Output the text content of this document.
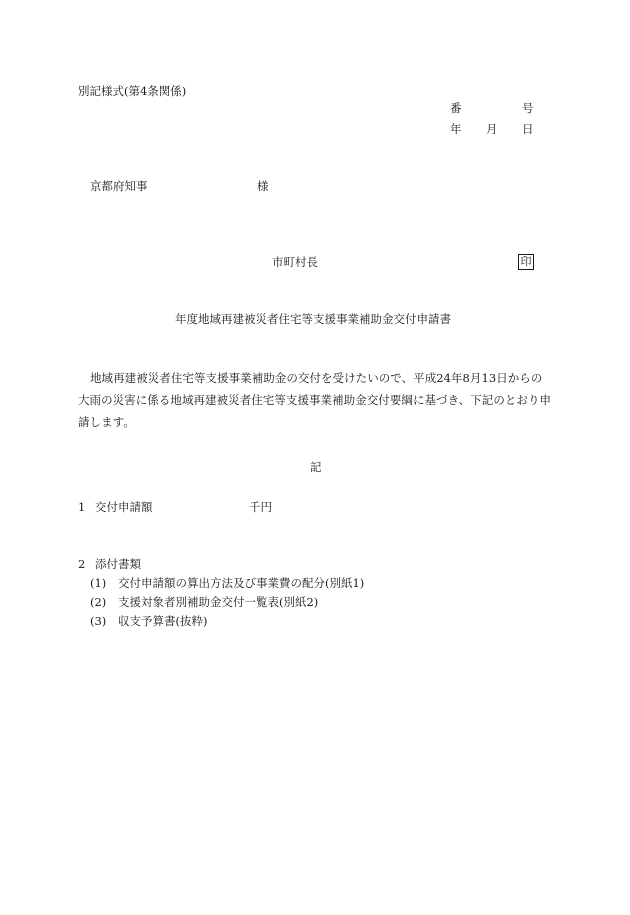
別記様式(第4条関係)
番	号
年 月 日
京都府知事	様
市町村長	印
年度地域再建被災者住宅等支援事業補助金交付申請書
地域再建被災者住宅等支援事業補助金の交付を受けたいので、平成24年8月13日からの大雨の災害に係る地域再建被災者住宅等支援事業補助金交付要綱に基づき、下記のとおり申請します。
記
1 交付申請額	千円
2 添付書類
(1) 交付申請額の算出方法及び事業費の配分(別紙1)
(2) 支援対象者別補助金交付一覧表(別紙2)
(3) 収支予算書(抜粋)
